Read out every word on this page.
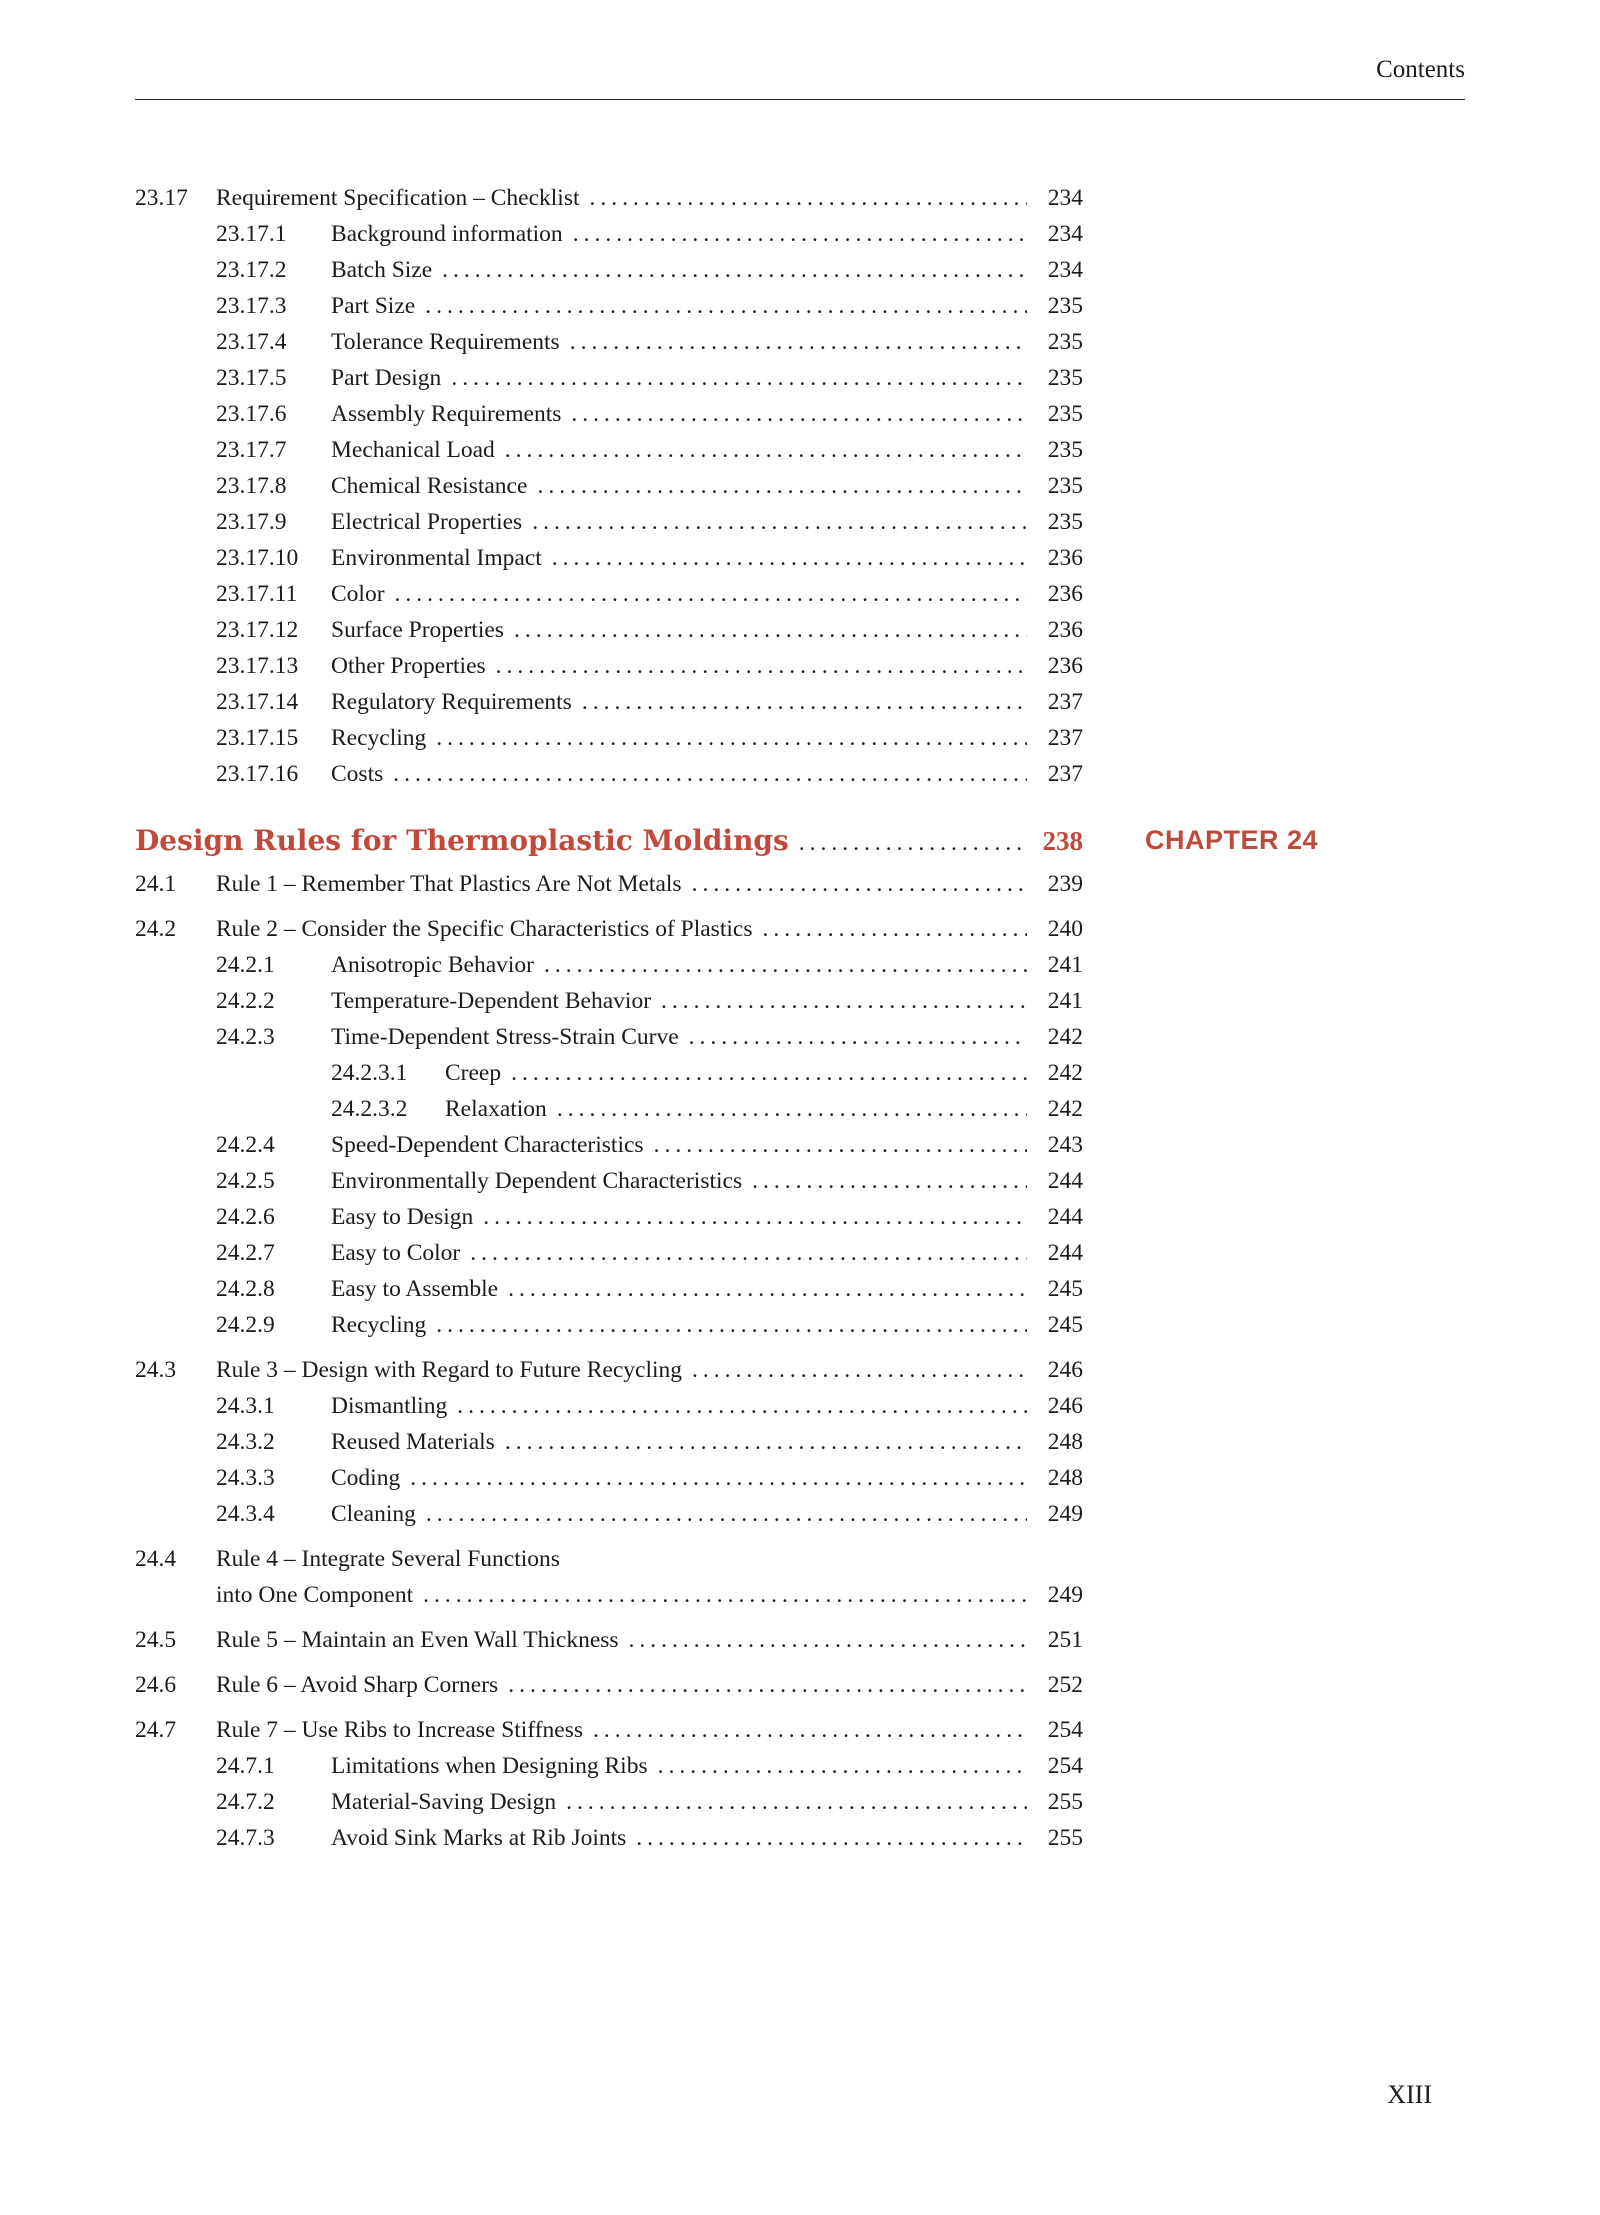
Contents
23.17	Requirement Specification – Checklist .....	234
23.17.1	Background information .....	234
23.17.2	Batch Size .....	234
23.17.3	Part Size .....	235
23.17.4	Tolerance Requirements .....	235
23.17.5	Part Design .....	235
23.17.6	Assembly Requirements .....	235
23.17.7	Mechanical Load .....	235
23.17.8	Chemical Resistance .....	235
23.17.9	Electrical Properties .....	235
23.17.10	Environmental Impact .....	236
23.17.11	Color .....	236
23.17.12	Surface Properties .....	236
23.17.13	Other Properties .....	236
23.17.14	Regulatory Requirements .....	237
23.17.15	Recycling .....	237
23.17.16	Costs .....	237
Design Rules for Thermoplastic Moldings .....	238 CHAPTER 24
24.1	Rule 1 – Remember That Plastics Are Not Metals .....	239
24.2	Rule 2 – Consider the Specific Characteristics of Plastics .....	240
24.2.1	Anisotropic Behavior .....	241
24.2.2	Temperature-Dependent Behavior .....	241
24.2.3	Time-Dependent Stress-Strain Curve .....	242
24.2.3.1	Creep .....	242
24.2.3.2	Relaxation .....	242
24.2.4	Speed-Dependent Characteristics .....	243
24.2.5	Environmentally Dependent Characteristics .....	244
24.2.6	Easy to Design .....	244
24.2.7	Easy to Color .....	244
24.2.8	Easy to Assemble .....	245
24.2.9	Recycling .....	245
24.3	Rule 3 – Design with Regard to Future Recycling .....	246
24.3.1	Dismantling .....	246
24.3.2	Reused Materials .....	248
24.3.3	Coding .....	248
24.3.4	Cleaning .....	249
24.4	Rule 4 – Integrate Several Functions
into One Component .....	249
24.5	Rule 5 – Maintain an Even Wall Thickness .....	251
24.6	Rule 6 – Avoid Sharp Corners .....	252
24.7	Rule 7 – Use Ribs to Increase Stiffness .....	254
24.7.1	Limitations when Designing Ribs .....	254
24.7.2	Material-Saving Design .....	255
24.7.3	Avoid Sink Marks at Rib Joints .....	255
XIII
